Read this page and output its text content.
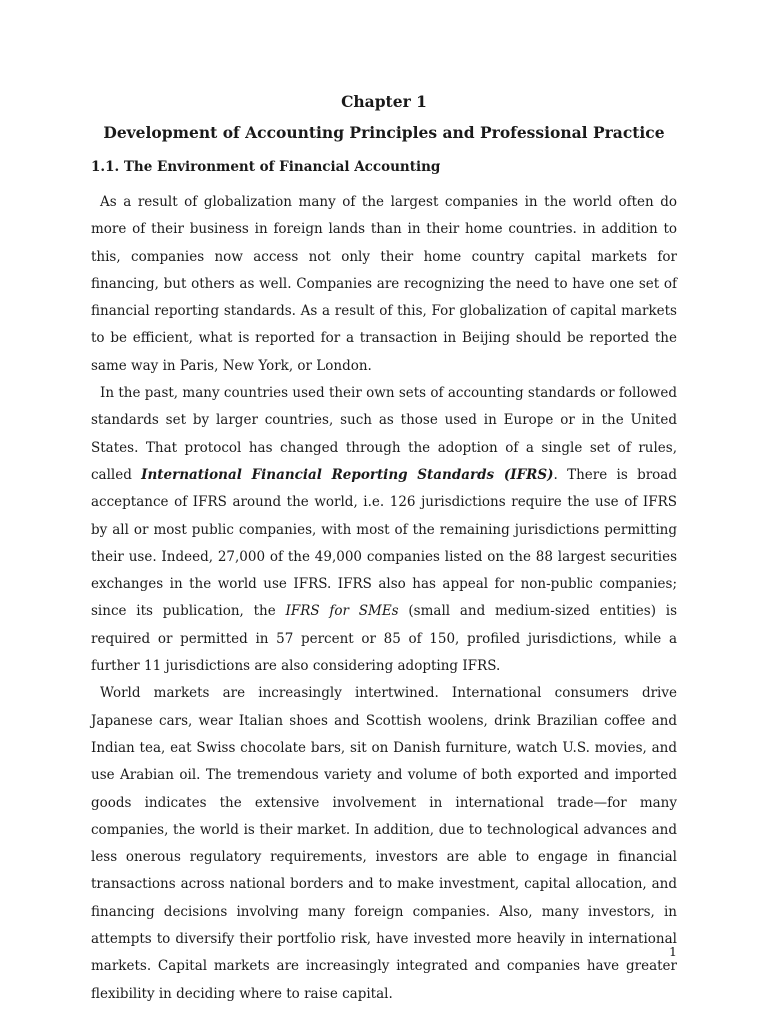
Chapter 1
Development of Accounting Principles and Professional Practice
1.1. The Environment of Financial Accounting

As a result of globalization many of the largest companies in the world often do more of their business in foreign lands than in their home countries. in addition to this, companies now access not only their home country capital markets for financing, but others as well. Companies are recognizing the need to have one set of financial reporting standards. As a result of this, For globalization of capital markets to be efficient, what is reported for a transaction in Beijing should be reported the same way in Paris, New York, or London.

In the past, many countries used their own sets of accounting standards or followed standards set by larger countries, such as those used in Europe or in the United States. That protocol has changed through the adoption of a single set of rules, called International Financial Reporting Standards (IFRS). There is broad acceptance of IFRS around the world, i.e. 126 jurisdictions require the use of IFRS by all or most public companies, with most of the remaining jurisdictions permitting their use. Indeed, 27,000 of the 49,000 companies listed on the 88 largest securities exchanges in the world use IFRS. IFRS also has appeal for non-public companies; since its publication, the IFRS for SMEs (small and medium-sized entities) is required or permitted in 57 percent or 85 of 150, profiled jurisdictions, while a further 11 jurisdictions are also considering adopting IFRS.

World markets are increasingly intertwined. International consumers drive Japanese cars, wear Italian shoes and Scottish woolens, drink Brazilian coffee and Indian tea, eat Swiss chocolate bars, sit on Danish furniture, watch U.S. movies, and use Arabian oil. The tremendous variety and volume of both exported and imported goods indicates the extensive involvement in international trade—for many companies, the world is their market. In addition, due to technological advances and less onerous regulatory requirements, investors are able to engage in financial transactions across national borders and to make investment, capital allocation, and financing decisions involving many foreign companies. Also, many investors, in attempts to diversify their portfolio risk, have invested more heavily in international markets. Capital markets are increasingly integrated and companies have greater flexibility in deciding where to raise capital.

1
